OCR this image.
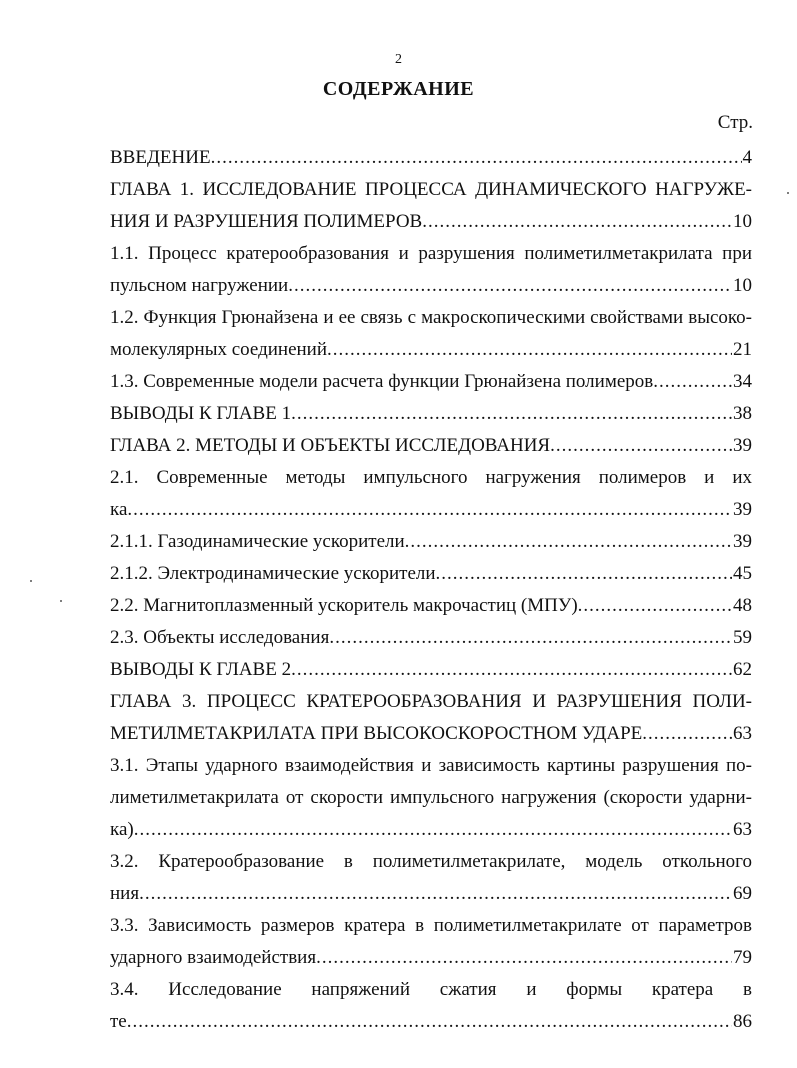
2
СОДЕРЖАНИЕ
Стр.
ВВЕДЕНИЕ .....	4
ГЛАВА 1. ИССЛЕДОВАНИЕ ПРОЦЕССА ДИНАМИЧЕСКОГО НАГРУЖЕ-
НИЯ И РАЗРУШЕНИЯ ПОЛИМЕРОВ .....	10
1.1. Процесс кратерообразования и разрушения полиметилметакрилата при
пульсном нагружении .....	10
1.2. Функция Грюнайзена и ее связь с макроскопическими свойствами высоко-
молекулярных соединений .....	21
1.3. Современные модели расчета функции Грюнайзена полимеров .....	34
ВЫВОДЫ К ГЛАВЕ 1 .....	38
ГЛАВА 2. МЕТОДЫ И ОБЪЕКТЫ ИССЛЕДОВАНИЯ .....	39
2.1. Современные методы импульсного нагружения полимеров и их
ка .....	39
2.1.1. Газодинамические ускорители .....	39
2.1.2. Электродинамические ускорители .....	45
2.2. Магнитоплазменный ускоритель макрочастиц (МПУ) .....	48
2.3. Объекты исследования .....	59
ВЫВОДЫ К ГЛАВЕ 2 .....	62
ГЛАВА 3. ПРОЦЕСС КРАТЕРООБРАЗОВАНИЯ И РАЗРУШЕНИЯ ПОЛИ-
МЕТИЛМЕТАКРИЛАТА ПРИ ВЫСОКОСКОРОСТНОМ УДАРЕ .....	63
3.1. Этапы ударного взаимодействия и зависимость картины разрушения по-
лиметилметакрилата от скорости импульсного нагружения (скорости ударни-
ка) .....	63
3.2. Кратерообразование в полиметилметакрилате, модель откольного
ния .....	69
3.3. Зависимость размеров кратера в полиметилметакрилате от параметров
ударного взаимодействия .....	79
3.4. Исследование напряжений сжатия и формы кратера в
те .....	86
